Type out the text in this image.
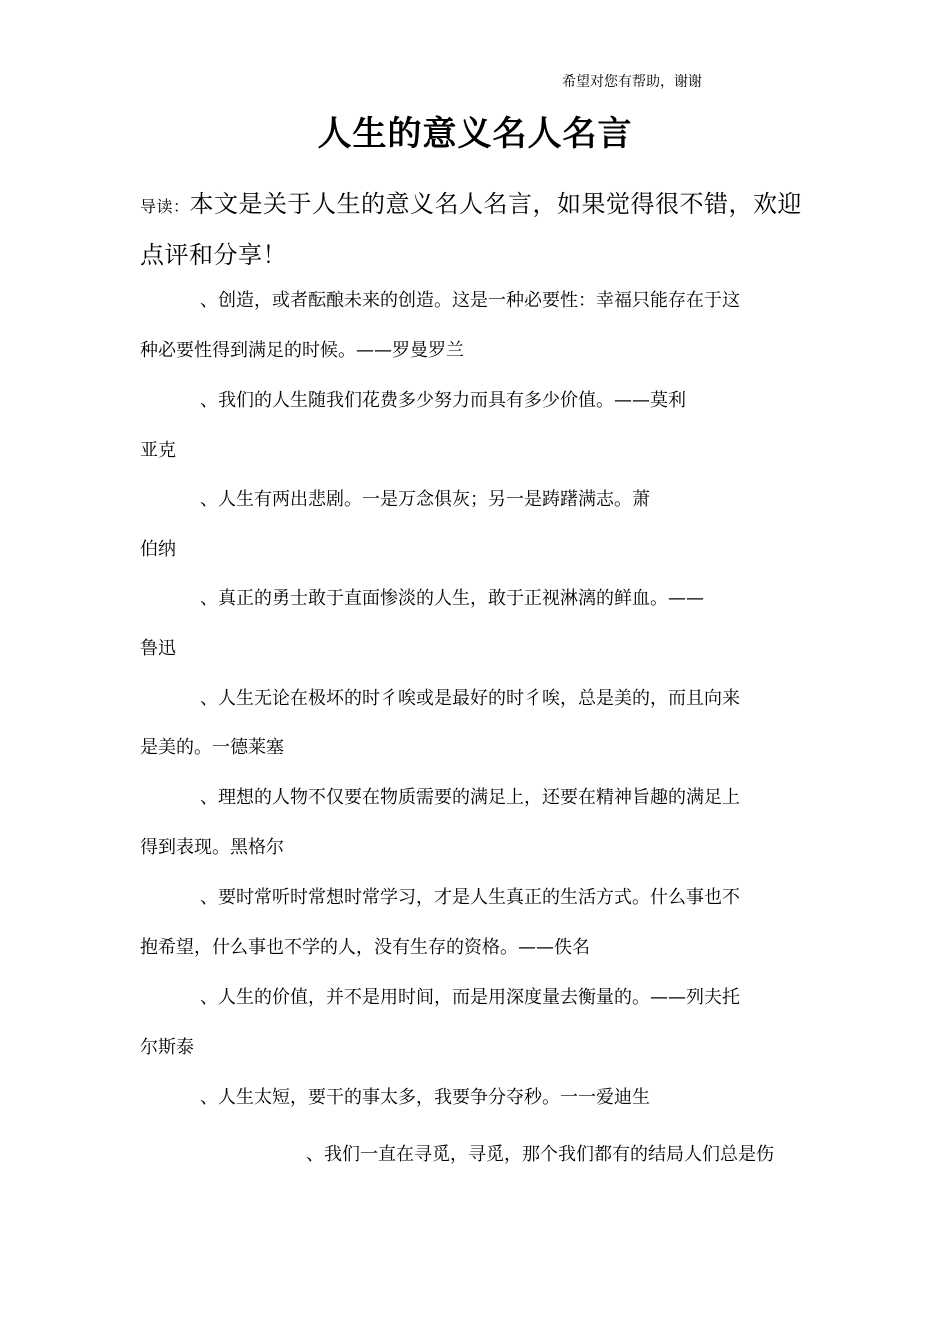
希望对您有帮助，谢谢
人生的意义名人名言
导读：本文是关于人生的意义名人名言，如果觉得很不错，欢迎点评和分享！
、创造，或者酝酿未来的创造。这是一种必要性：幸福只能存在于这
种必要性得到满足的时候。——罗曼罗兰
、我们的人生随我们花费多少努力而具有多少价值。——莫利
亚克
、人生有两出悲剧。一是万念俱灰；另一是踌躇满志。萧
伯纳
、真正的勇士敢于直面惨淡的人生，敢于正视淋漓的鲜血。——
鲁迅
、人生无论在极坏的时彳唉或是最好的时彳唉，总是美的，而且向来
是美的。一德莱塞
、理想的人物不仅要在物质需要的满足上，还要在精神旨趣的满足上
得到表现。黑格尔
、要时常听时常想时常学习，才是人生真正的生活方式。什么事也不
抱希望，什么事也不学的人，没有生存的资格。——佚名
、人生的价值，并不是用时间，而是用深度量去衡量的。——列夫托
尔斯泰
、人生太短，要干的事太多，我要争分夺秒。一一爱迪生
、我们一直在寻觅，寻觅，那个我们都有的结局人们总是伤
